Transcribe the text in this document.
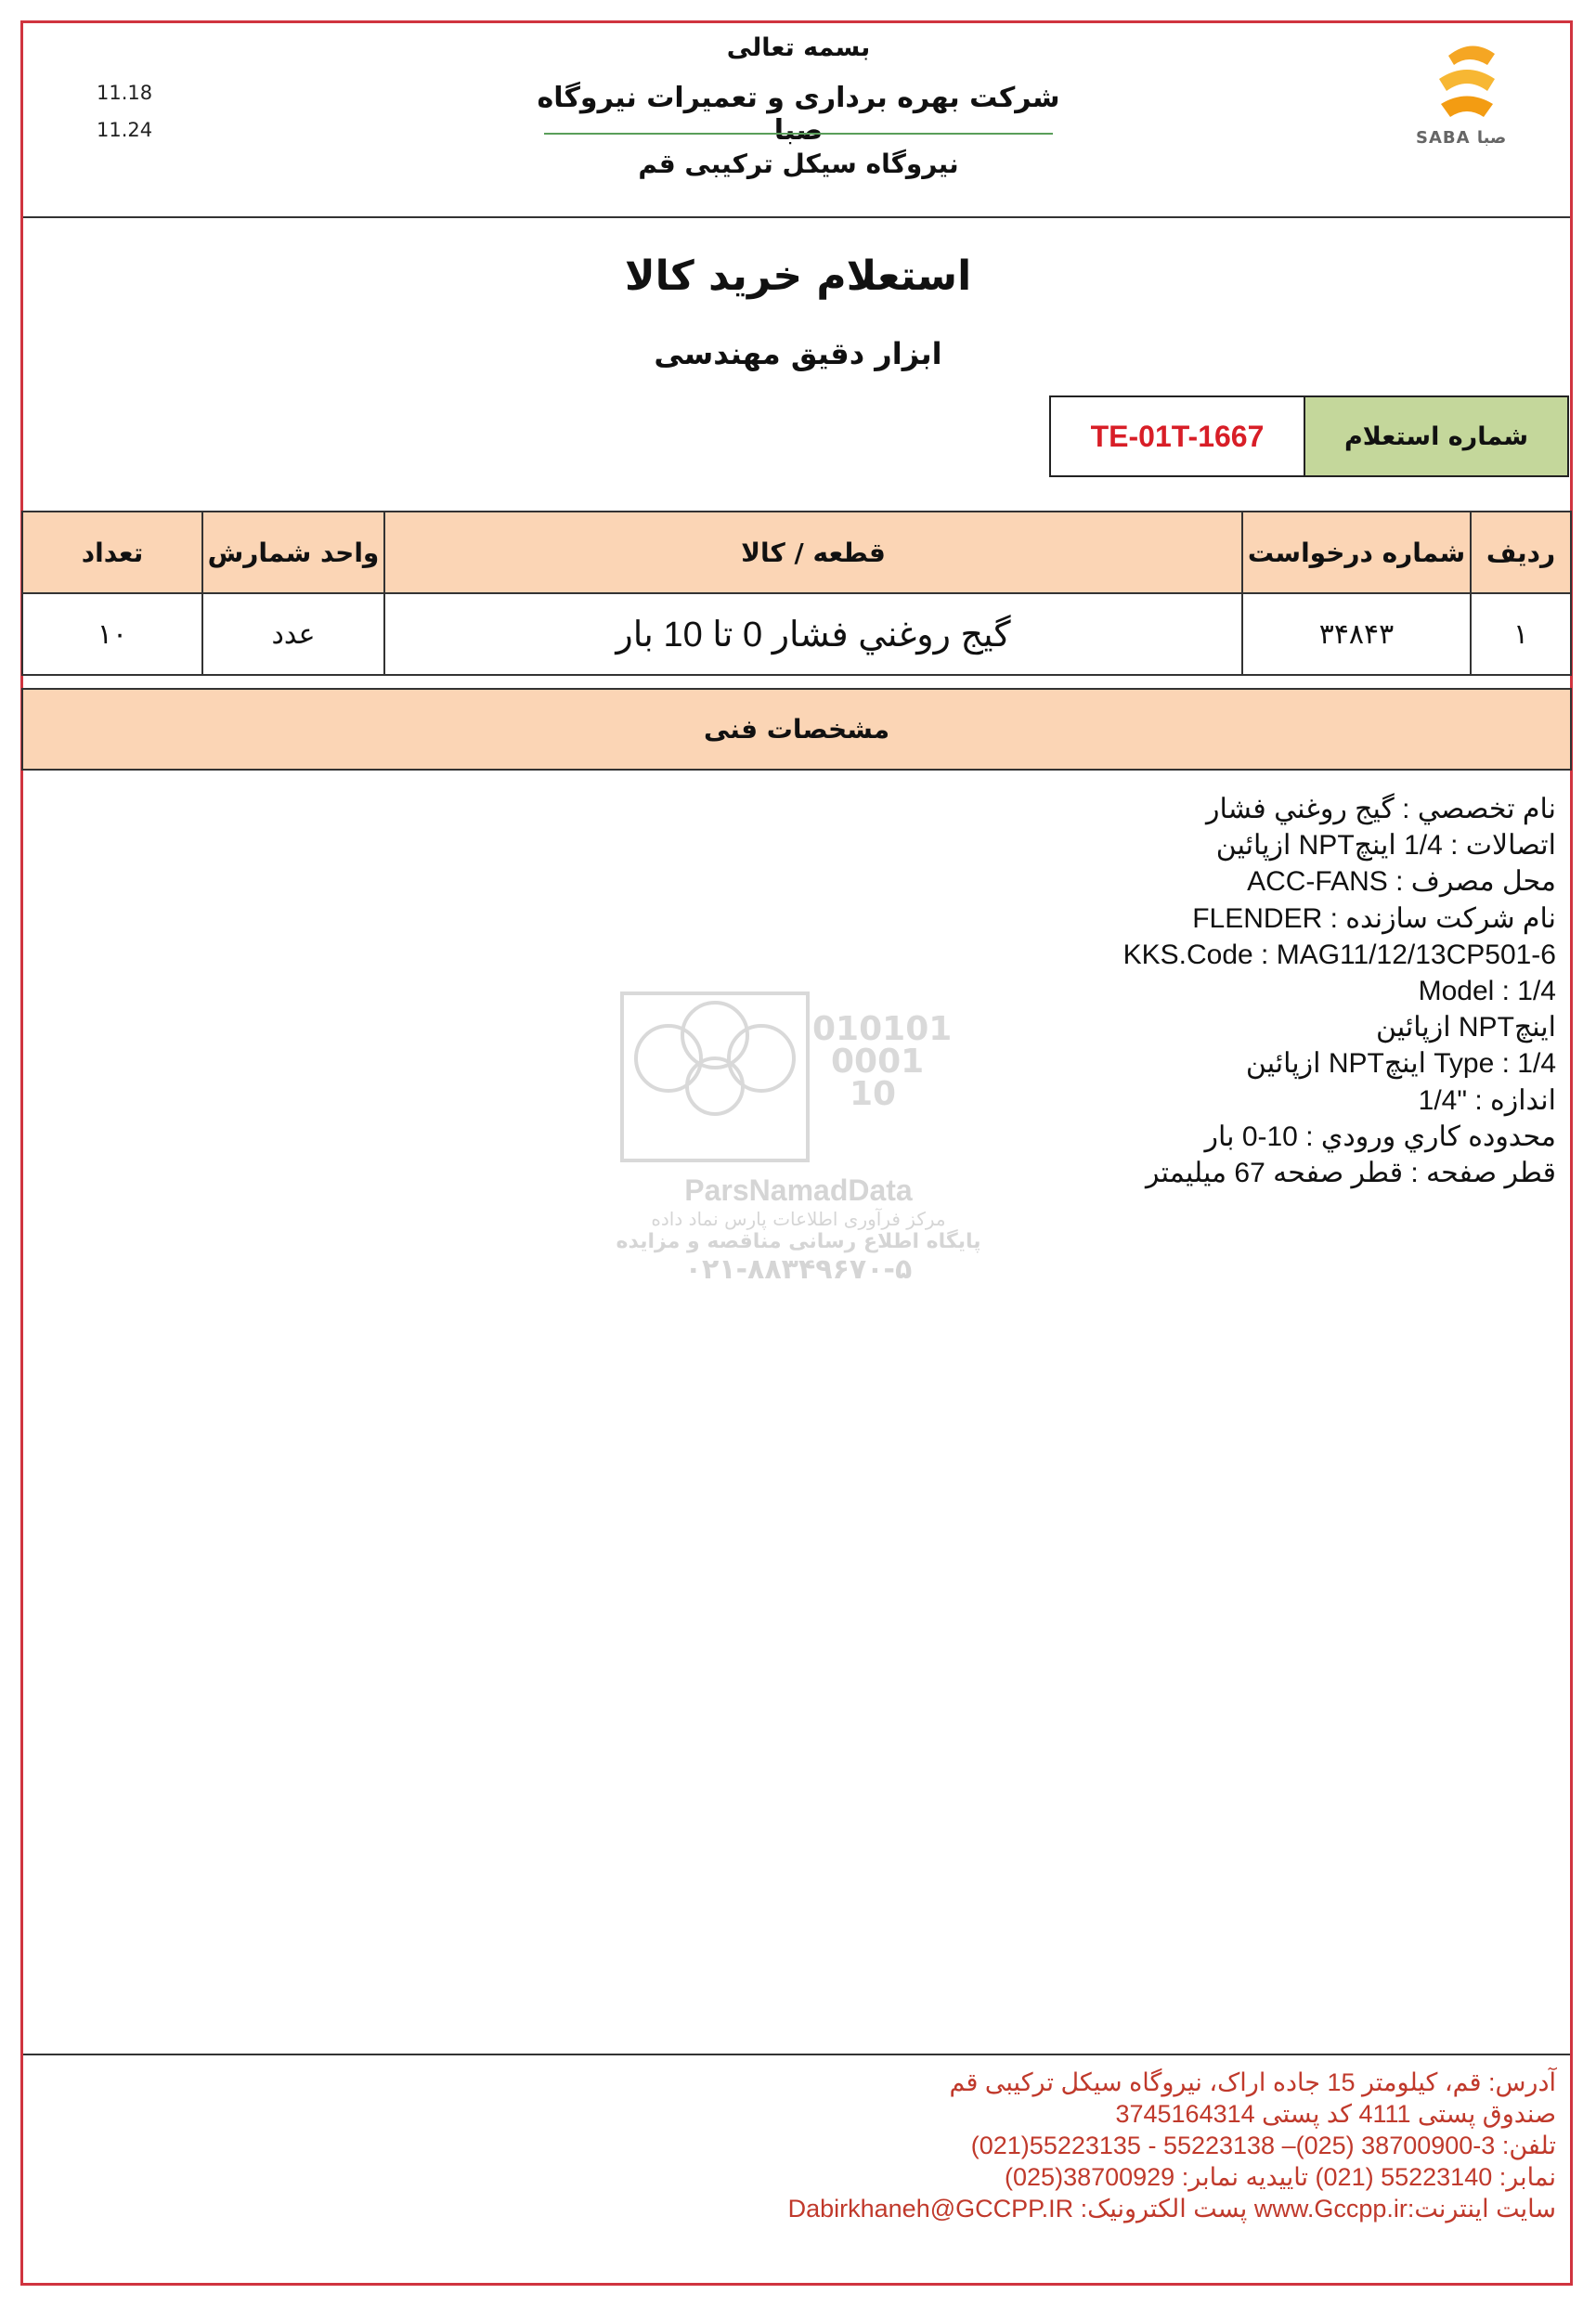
11.18
11.24
بسمه تعالی
شرکت بهره برداری و تعمیرات نیروگاه صبا
نیروگاه سیکل ترکیبی قم
SABA صبا
استعلام خرید کالا
ابزار دقیق مهندسی
شماره استعلام
TE-01T-1667
ردیف	شماره درخواست	قطعه / کالا	واحد شمارش	تعداد
۱	۳۴۸۴۳	گیج روغني فشار 0 تا 10 بار	عدد	۱۰
مشخصات فنی
010101
0001
10
ParsNamadData
مرکز فرآوری اطلاعات پارس نماد داده
پایگاه اطلاع رسانی مناقصه و مزایده
۰۲۱-۸۸۳۴۹۶۷۰-۵
نام تخصصي : گيج روغني فشار
اتصالات : 1/4 اينچNPT ازپائين
محل مصرف : ACC-FANS
نام شركت سازنده : FLENDER
KKS.Code : MAG11/12/13CP501-6
Model : 1/4
اينچNPT ازپائين
Type : 1/4 اينچNPT ازپائين
اندازه : "1/4
محدوده كاري ورودي : 10-0 بار
قطر صفحه : قطر صفحه 67 ميليمتر
آدرس: قم، کیلومتر 15 جاده اراک، نیروگاه سیکل ترکیبی قم
صندوق پستی 4111 کد پستی 3745164314
تلفن: 3-38700900 (025)– 55223138 - 55223135(021)
نمابر: 55223140 (021) تاییدیه نمابر: 38700929(025)
سایت اینترنت:www.Gccpp.ir پست الکترونیک: Dabirkhaneh@GCCPP.IR
